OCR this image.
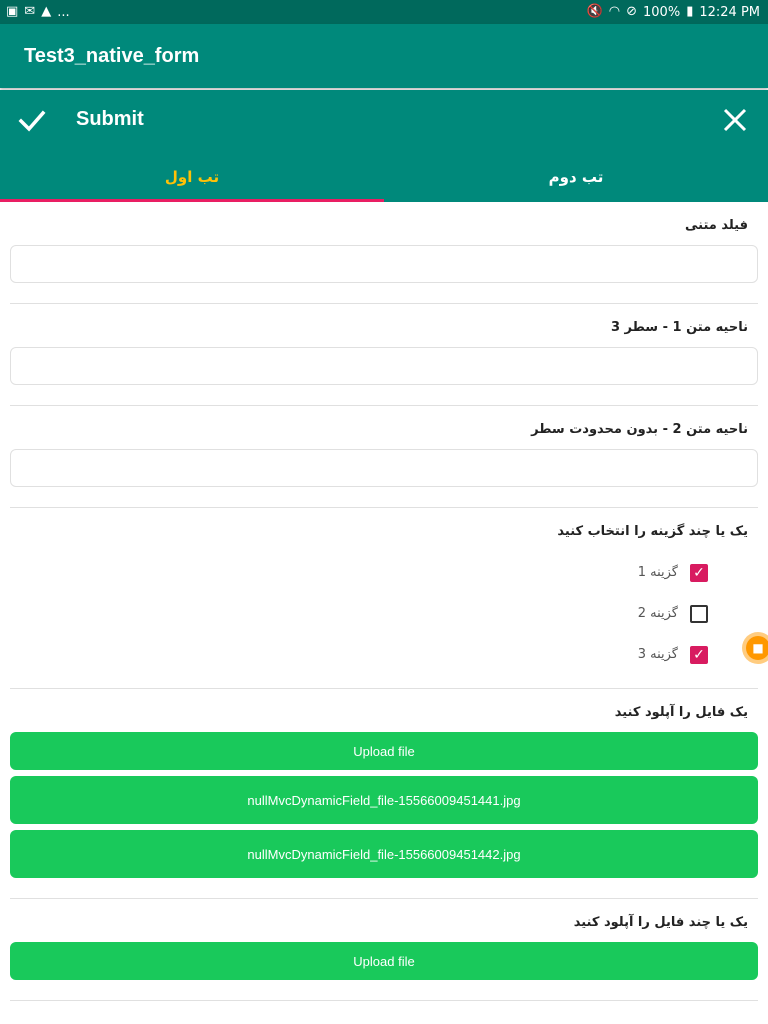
▣ ✉ ▲ ...	🔇 ◠ ⊘ 100% ▮ 12:24 PM
Test3_native_form
Submit
تب اول	تب دوم
فیلد متنی
ناحیه متن 1 - سطر 3
ناحیه متن 2 - بدون محدودت سطر
یک یا چند گزینه را انتخاب کنید
گزینه 1 ✓
گزینه 2
گزینه 3 ✓
یک فایل را آپلود کنید
Upload file
nullMvcDynamicField_file-15566009451441.jpg
nullMvcDynamicField_file-15566009451442.jpg
یک یا چند فایل را آپلود کنید
Upload file
■
